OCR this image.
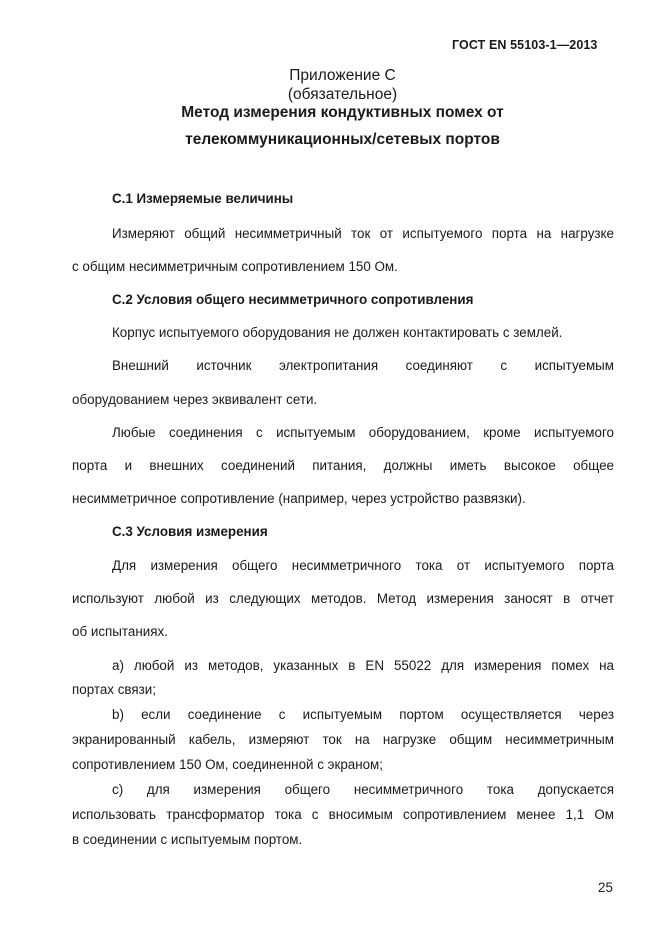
ГОСТ EN 55103-1—2013
Приложение C
(обязательное)
Метод измерения кондуктивных помех от
телекоммуникационных/сетевых портов
С.1 Измеряемые величины
Измеряют общий несимметричный ток от испытуемого порта на нагрузке
с общим несимметричным сопротивлением 150 Ом.
С.2 Условия общего несимметричного сопротивления
Корпус испытуемого оборудования не должен контактировать с землей.
Внешний источник электропитания соединяют с испытуемым
оборудованием через эквивалент сети.
Любые соединения с испытуемым оборудованием, кроме испытуемого
порта и внешних соединений питания, должны иметь высокое общее
несимметричное сопротивление (например, через устройство развязки).
С.3 Условия измерения
Для измерения общего несимметричного тока от испытуемого порта
используют любой из следующих методов. Метод измерения заносят в отчет
об испытаниях.
a) любой из методов, указанных в EN 55022 для измерения помех на
портах связи;
b) если соединение с испытуемым портом осуществляется через
экранированный кабель, измеряют ток на нагрузке общим несимметричным
сопротивлением 150 Ом, соединенной с экраном;
c) для измерения общего несимметричного тока допускается
использовать трансформатор тока с вносимым сопротивлением менее 1,1 Ом
в соединении с испытуемым портом.
25
